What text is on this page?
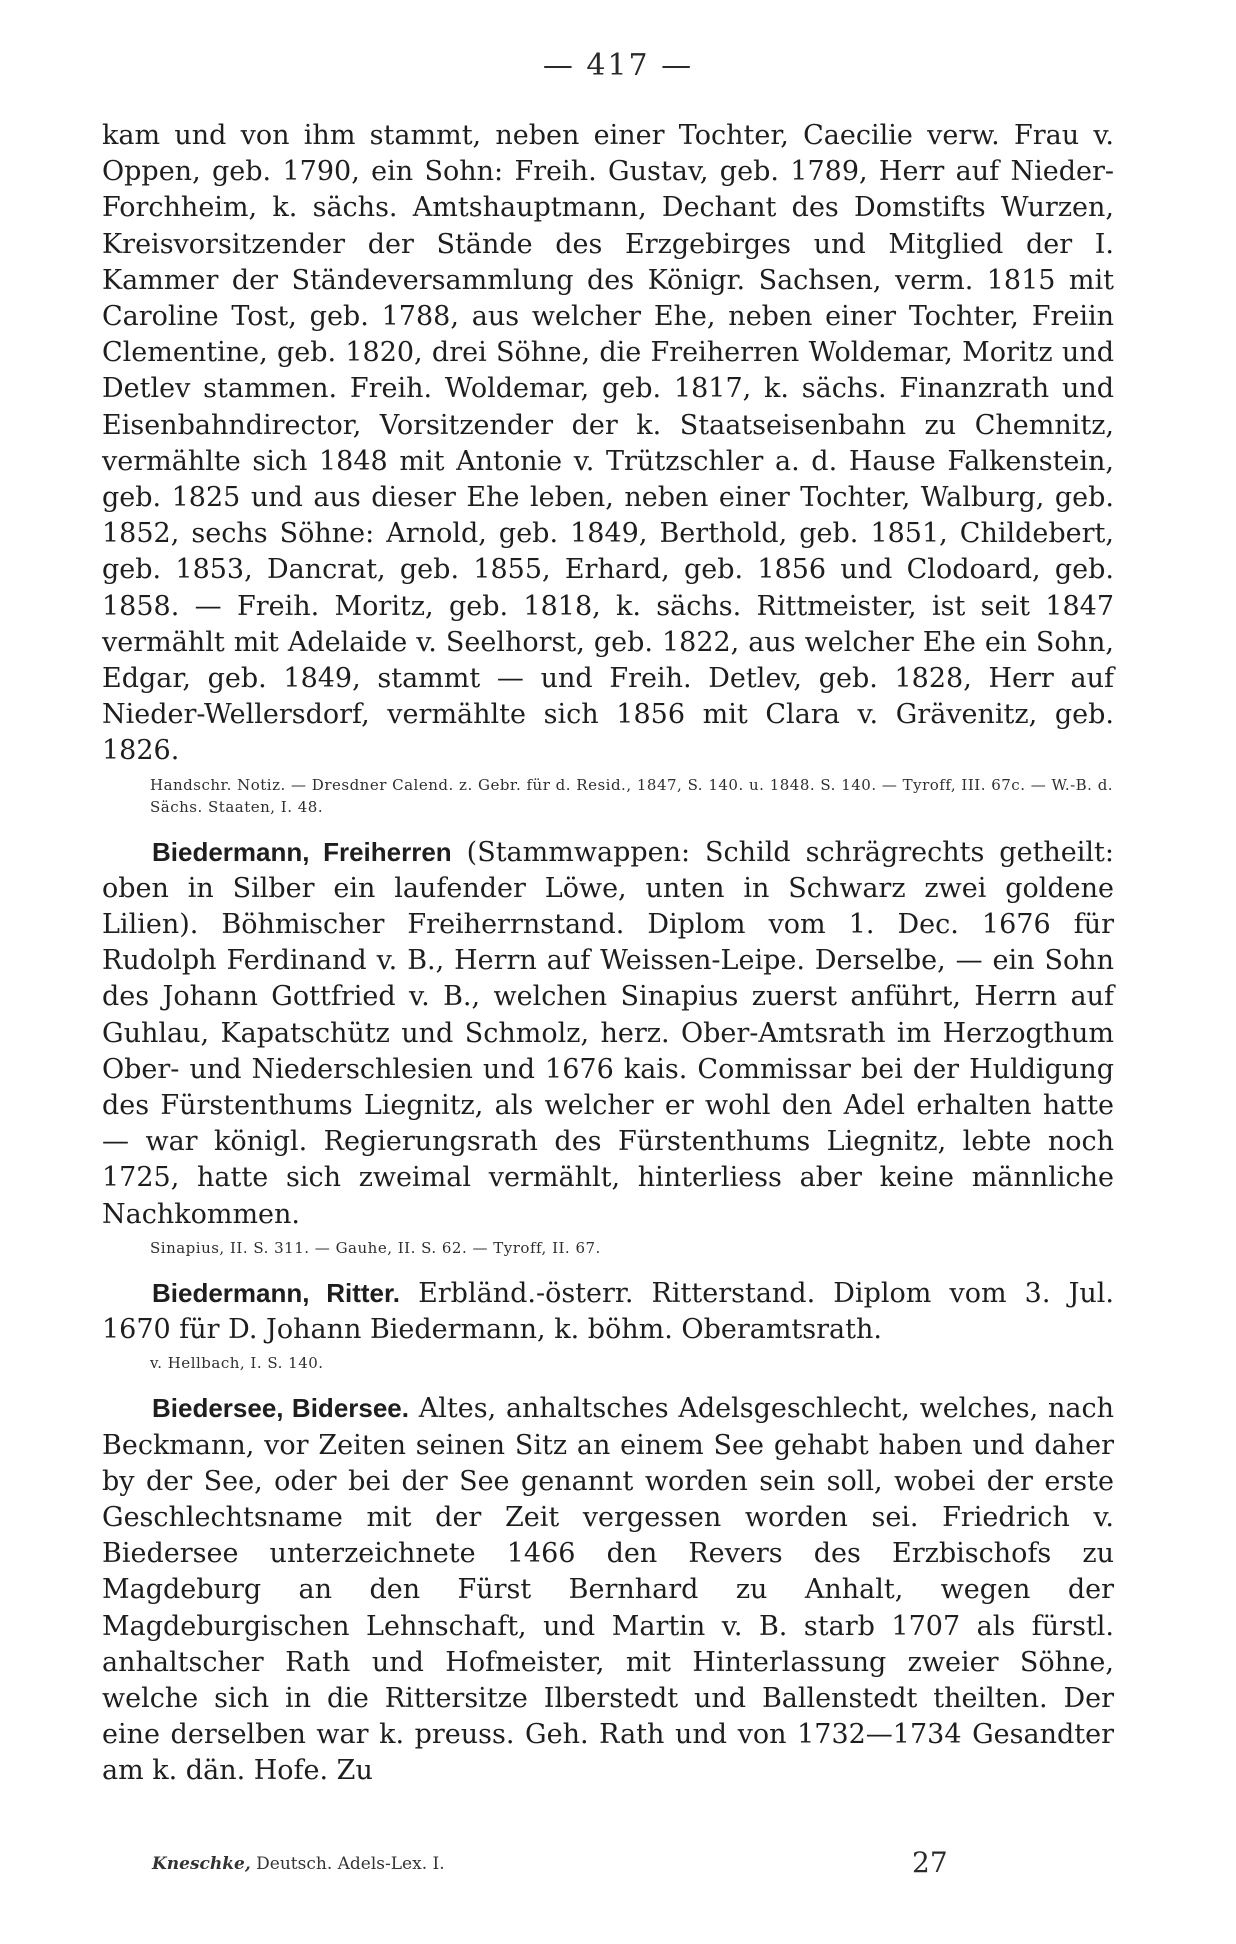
— 417 —

kam und von ihm stammt, neben einer Tochter, Caecilie verw. Frau v. Oppen, geb. 1790, ein Sohn: Freih. Gustav, geb. 1789, Herr auf Nieder-Forchheim, k. sächs. Amtshauptmann, Dechant des Domstifts Wurzen, Kreisvorsitzender der Stände des Erzgebirges und Mitglied der I. Kammer der Ständeversammlung des Königr. Sachsen, verm. 1815 mit Caroline Tost, geb. 1788, aus welcher Ehe, neben einer Tochter, Freiin Clementine, geb. 1820, drei Söhne, die Freiherren Woldemar, Moritz und Detlev stammen. Freih. Woldemar, geb. 1817, k. sächs. Finanzrath und Eisenbahndirector, Vorsitzender der k. Staatseisenbahn zu Chemnitz, vermählte sich 1848 mit Antonie v. Trützschler a. d. Hause Falkenstein, geb. 1825 und aus dieser Ehe leben, neben einer Tochter, Walburg, geb. 1852, sechs Söhne: Arnold, geb. 1849, Berthold, geb. 1851, Childebert, geb. 1853, Dancrat, geb. 1855, Erhard, geb. 1856 und Clodoard, geb. 1858. — Freih. Moritz, geb. 1818, k. sächs. Rittmeister, ist seit 1847 vermählt mit Adelaide v. Seelhorst, geb. 1822, aus welcher Ehe ein Sohn, Edgar, geb. 1849, stammt — und Freih. Detlev, geb. 1828, Herr auf Nieder-Wellersdorf, vermählte sich 1856 mit Clara v. Grävenitz, geb. 1826.

Handschr. Notiz. — Dresdner Calend. z. Gebr. für d. Resid., 1847, S. 140. u. 1848. S. 140. — Tyroff, III. 67c. — W.-B. d. Sächs. Staaten, I. 48.

Biedermann, Freiherren (Stammwappen: Schild schrägrechts getheilt: oben in Silber ein laufender Löwe, unten in Schwarz zwei goldene Lilien). Böhmischer Freiherrnstand. Diplom vom 1. Dec. 1676 für Rudolph Ferdinand v. B., Herrn auf Weissen-Leipe. Derselbe, — ein Sohn des Johann Gottfried v. B., welchen Sinapius zuerst anführt, Herrn auf Guhlau, Kapatschütz und Schmolz, herz. Ober-Amtsrath im Herzogthum Ober- und Niederschlesien und 1676 kais. Commissar bei der Huldigung des Fürstenthums Liegnitz, als welcher er wohl den Adel erhalten hatte — war königl. Regierungsrath des Fürstenthums Liegnitz, lebte noch 1725, hatte sich zweimal vermählt, hinterliess aber keine männliche Nachkommen.

Sinapius, II. S. 311. — Gauhe, II. S. 62. — Tyroff, II. 67.

Biedermann, Ritter. Erbländ.-österr. Ritterstand. Diplom vom 3. Jul. 1670 für D. Johann Biedermann, k. böhm. Oberamtsrath.

v. Hellbach, I. S. 140.

Biedersee, Bidersee. Altes, anhaltsches Adelsgeschlecht, welches, nach Beckmann, vor Zeiten seinen Sitz an einem See gehabt haben und daher by der See, oder bei der See genannt worden sein soll, wobei der erste Geschlechtsname mit der Zeit vergessen worden sei. Friedrich v. Biedersee unterzeichnete 1466 den Revers des Erzbischofs zu Magdeburg an den Fürst Bernhard zu Anhalt, wegen der Magdeburgischen Lehnschaft, und Martin v. B. starb 1707 als fürstl. anhaltscher Rath und Hofmeister, mit Hinterlassung zweier Söhne, welche sich in die Rittersitze Ilberstedt und Ballenstedt theilten. Der eine derselben war k. preuss. Geh. Rath und von 1732—1734 Gesandter am k. dän. Hofe. Zu

Kneschke, Deutsch. Adels-Lex. I.	27
